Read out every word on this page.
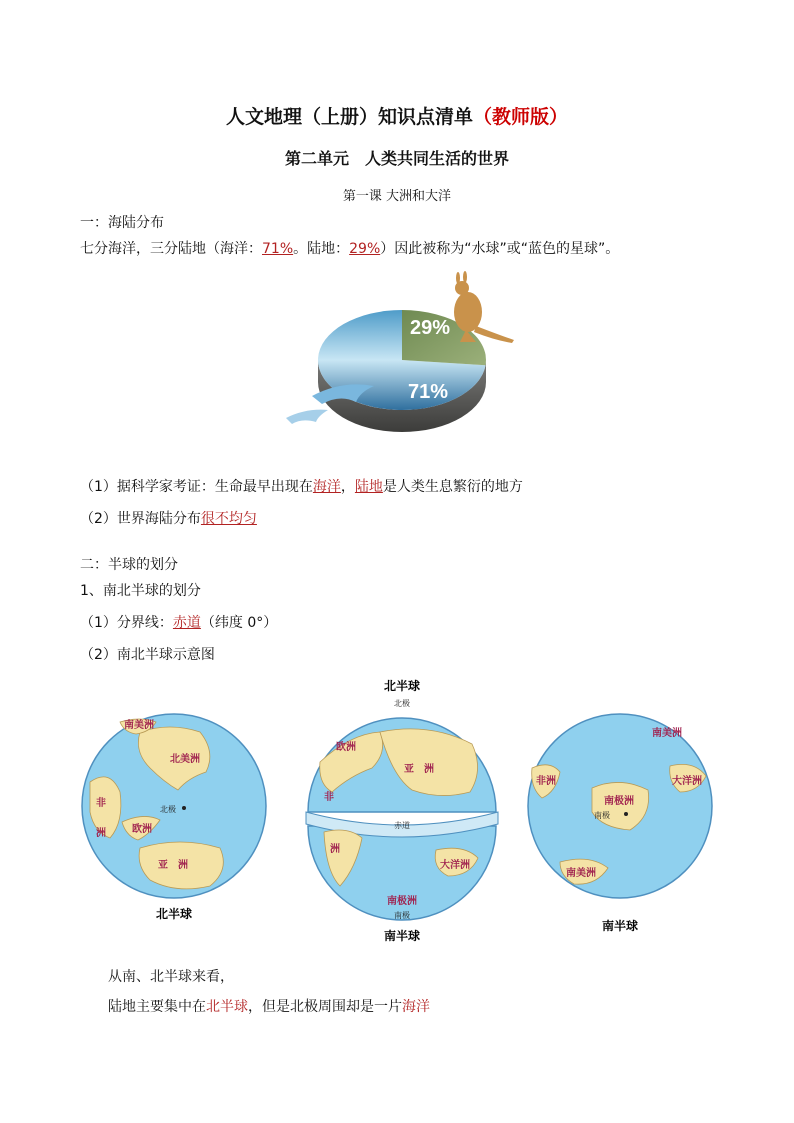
人文地理（上册）知识点清单（教师版）
第二单元　人类共同生活的世界
第一课 大洲和大洋
一：海陆分布
七分海洋，三分陆地（海洋：71%。陆地：29%）因此被称为“水球”或“蓝色的星球”。
29%
71%
（1）据科学家考证：生命最早出现在海洋，陆地是人类生息繁衍的地方
（2）世界海陆分布很不均匀
二：半球的划分
1、南北半球的划分
（1）分界线：赤道（纬度 0°）
（2）南北半球示意图
北美洲
南美洲
非
洲	欧洲
亚　洲
北极
北半球
北半球
北极
欧洲
亚　洲
非
洲
大洋洲
南极洲
赤道
南极
南半球
南极洲
南极
非洲
南美洲
大洋洲
南美洲
南半球
从南、北半球来看，
陆地主要集中在北半球，但是北极周围却是一片海洋
